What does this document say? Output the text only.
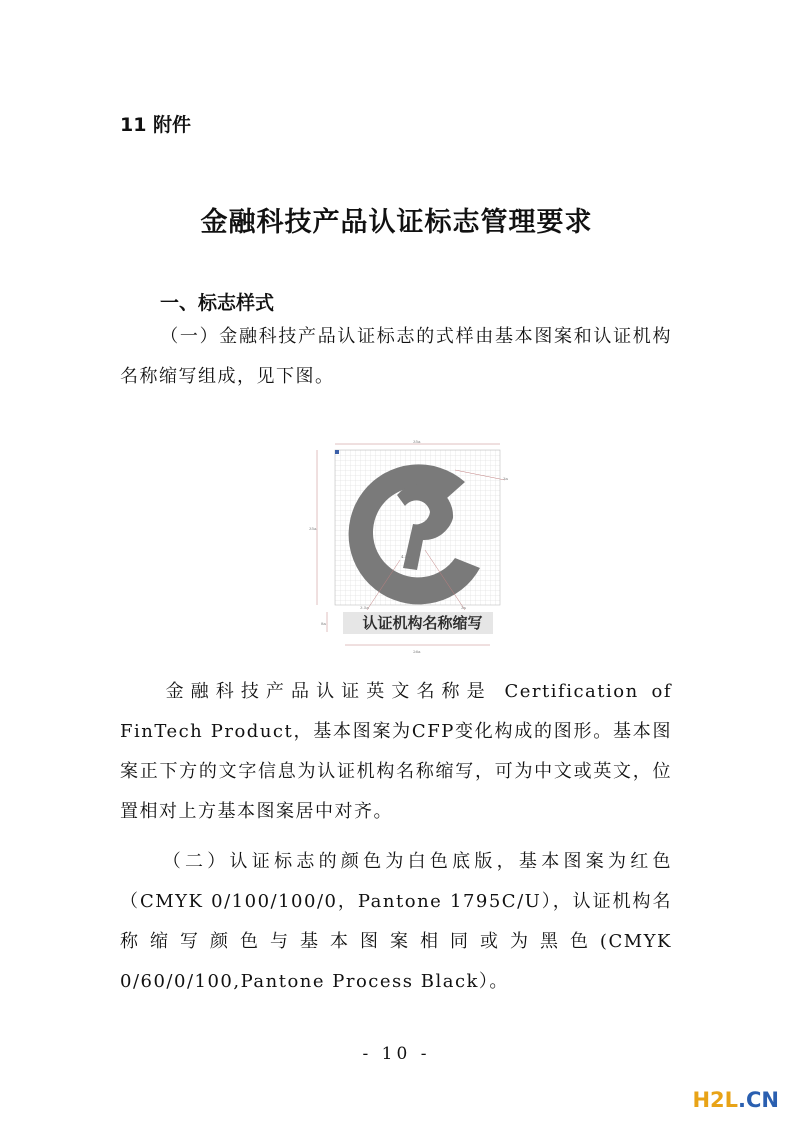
11 附件
金融科技产品认证标志管理要求
一、标志样式
（一）金融科技产品认证标志的式样由基本图案和认证机构名称缩写组成，见下图。
35a
35a
3a
3.5a	3a
4.5a
8a
26a
认证机构名称缩写
金融科技产品认证英文名称是 Certification of FinTech Product，基本图案为CFP变化构成的图形。基本图案正下方的文字信息为认证机构名称缩写，可为中文或英文，位置相对上方基本图案居中对齐。
（二）认证标志的颜色为白色底版，基本图案为红色（CMYK 0/100/100/0，Pantone 1795C/U），认证机构名称缩写颜色与基本图案相同或为黑色(CMYK 0/60/0/100,Pantone Process Black）。
- 10 -
H2L.CN
